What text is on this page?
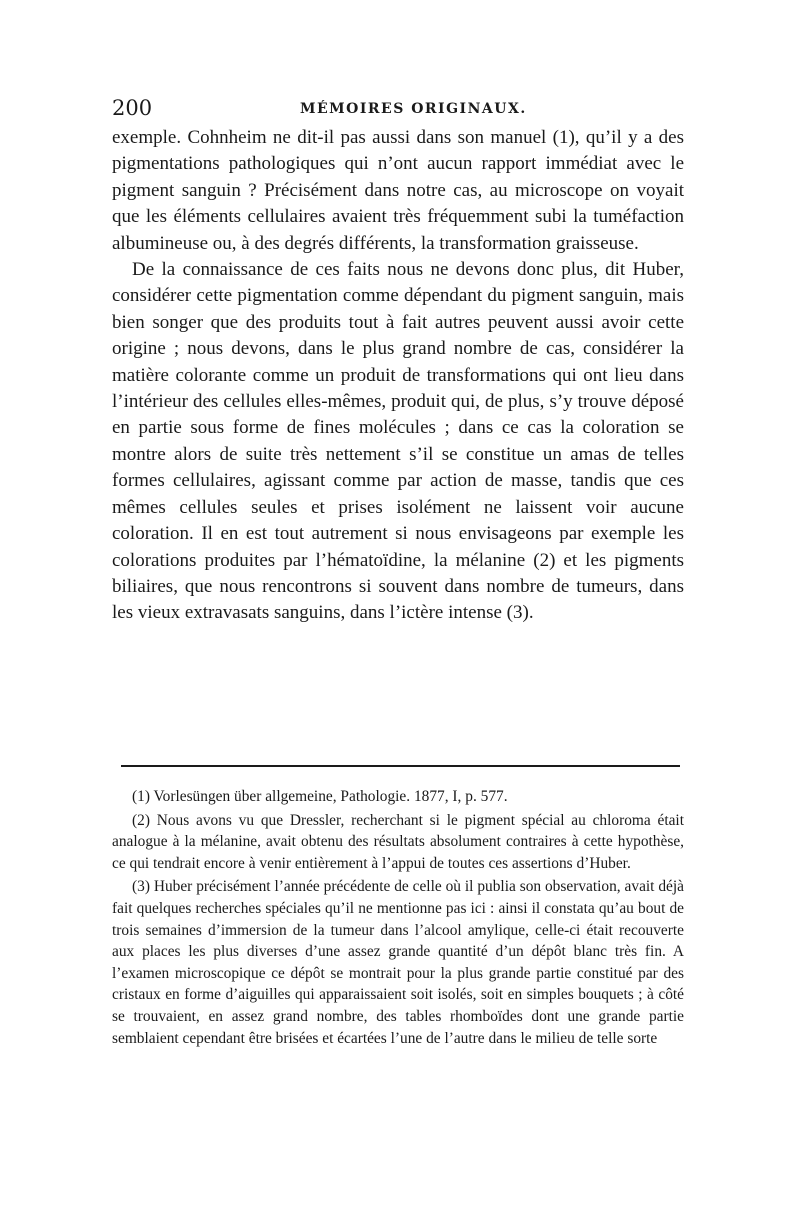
200	MÉMOIRES ORIGINAUX.

exemple. Cohnheim ne dit-il pas aussi dans son manuel (1), qu’il y a des pigmentations pathologiques qui n’ont aucun rapport immédiat avec le pigment sanguin ? Précisément dans notre cas, au microscope on voyait que les éléments cellulaires avaient très fréquemment subi la tuméfaction albumineuse ou, à des degrés différents, la transformation graisseuse.

De la connaissance de ces faits nous ne devons donc plus, dit Huber, considérer cette pigmentation comme dépendant du pigment sanguin, mais bien songer que des produits tout à fait autres peuvent aussi avoir cette origine ; nous devons, dans le plus grand nombre de cas, considérer la matière colorante comme un produit de transformations qui ont lieu dans l’intérieur des cellules elles-mêmes, produit qui, de plus, s’y trouve déposé en partie sous forme de fines molécules ; dans ce cas la coloration se montre alors de suite très nettement s’il se constitue un amas de telles formes cellulaires, agissant comme par action de masse, tandis que ces mêmes cellules seules et prises isolément ne laissent voir aucune coloration. Il en est tout autrement si nous envisageons par exemple les colorations produites par l’hématoïdine, la mélanine (2) et les pigments biliaires, que nous rencontrons si souvent dans nombre de tumeurs, dans les vieux extravasats sanguins, dans l’ictère intense (3).

(1) Vorlesüngen über allgemeine, Pathologie. 1877, I, p. 577.

(2) Nous avons vu que Dressler, recherchant si le pigment spécial au chloroma était analogue à la mélanine, avait obtenu des résultats absolument contraires à cette hypothèse, ce qui tendrait encore à venir entièrement à l’appui de toutes ces assertions d’Huber.

(3) Huber précisément l’année précédente de celle où il publia son observation, avait déjà fait quelques recherches spéciales qu’il ne mentionne pas ici : ainsi il constata qu’au bout de trois semaines d’immersion de la tumeur dans l’alcool amylique, celle-ci était recouverte aux places les plus diverses d’une assez grande quantité d’un dépôt blanc très fin. A l’examen microscopique ce dépôt se montrait pour la plus grande partie constitué par des cristaux en forme d’aiguilles qui apparaissaient soit isolés, soit en simples bouquets ; à côté se trouvaient, en assez grand nombre, des tables rhomboïdes dont une grande partie semblaient cependant être brisées et écartées l’une de l’autre dans le milieu de telle sorte
